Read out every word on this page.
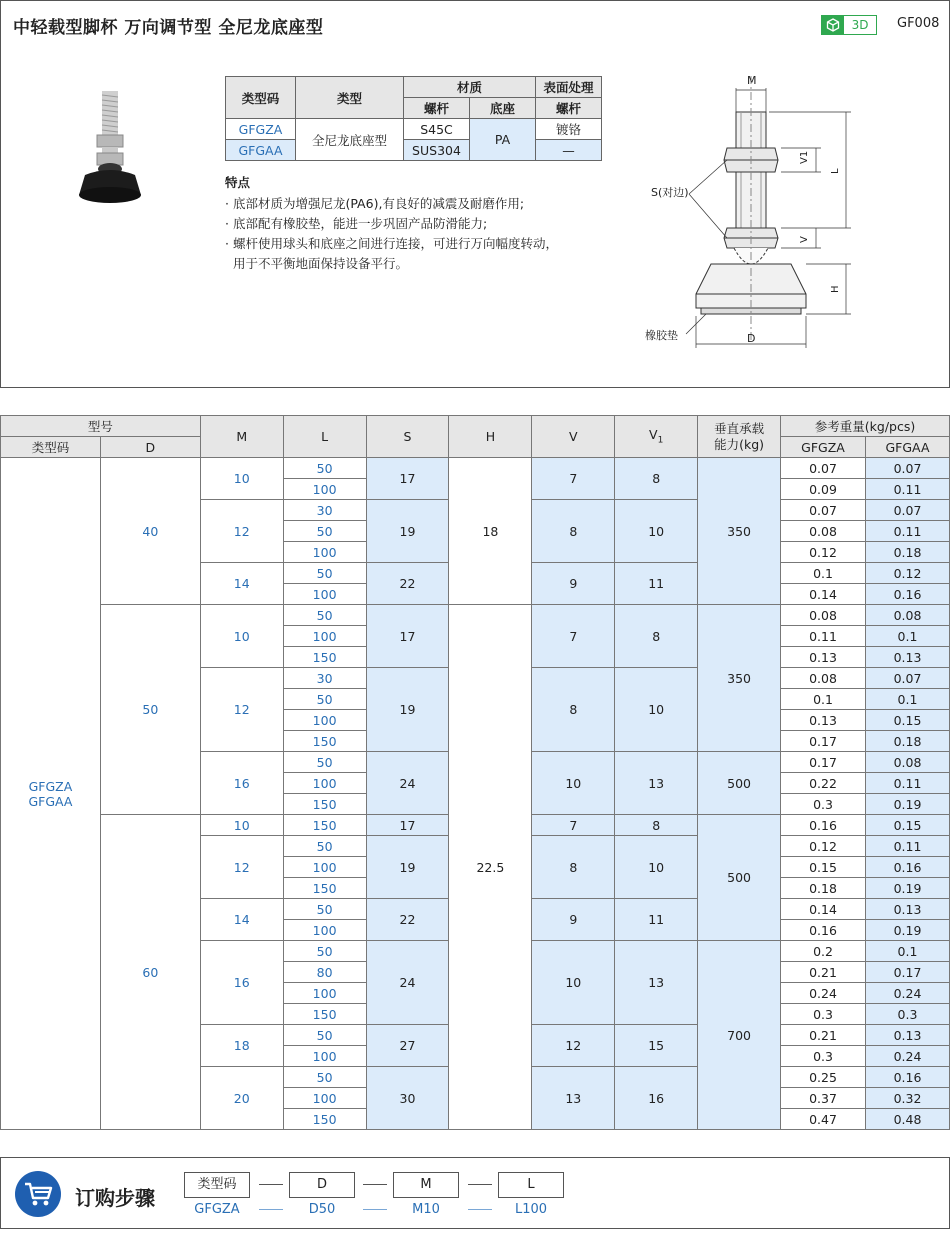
中轻载型脚杯 万向调节型 全尼龙底座型	3D	GF008
类型码	类型	材质		表面处理
		螺杆	底座	螺杆
GFGZA	全尼龙底座型	S45C	PA	镀铬
GFGAA		SUS304		—
特点
· 底部材质为增强尼龙(PA6),有良好的减震及耐磨作用;
· 底部配有橡胶垫，能进一步巩固产品防滑能力;
· 螺杆使用球头和底座之间进行连接，可进行万向幅度转动，
用于不平衡地面保持设备平行。
M
V1
L
S(对边)
V
H
橡胶垫	D
型号		M	L	S	H	V	$V_1$	垂直承载
能力(kg)	参考重量(kg/pcs)	
类型码	D								GFGZA	GFGAA

GFGZA
GFGAA	40	10	50	17	18	7	8	350	0.07	0.07
			100						0.09	0.11
		12	30	19		8	10		0.07	0.07
			50						0.08	0.11
			100						0.12	0.18
		14	50	22		9	11		0.1	0.12
			100						0.14	0.16
	50	10	50	17	22.5	7	8	350	0.08	0.08
			100						0.11	0.1
			150						0.13	0.13
		12	30	19		8	10		0.08	0.07
			50						0.1	0.1
			100						0.13	0.15
			150						0.17	0.18
		16	50	24		10	13	500	0.17	0.08
			100						0.22	0.11
			150						0.3	0.19
	60	10	150	17		7	8	500	0.16	0.15
		12	50	19		8	10		0.12	0.11
			100						0.15	0.16
			150						0.18	0.19
		14	50	22		9	11		0.14	0.13
			100						0.16	0.19
		16	50	24		10	13	700	0.2	0.1
			80						0.21	0.17
			100						0.24	0.24
			150						0.3	0.3
		18	50	27		12	15		0.21	0.13
			100						0.3	0.24
		20	50	30		13	16		0.25	0.16
			100						0.37	0.32
			150						0.47	0.48
订购步骤
类型码	D	M	L
GFGZA	D50	M10	L100
